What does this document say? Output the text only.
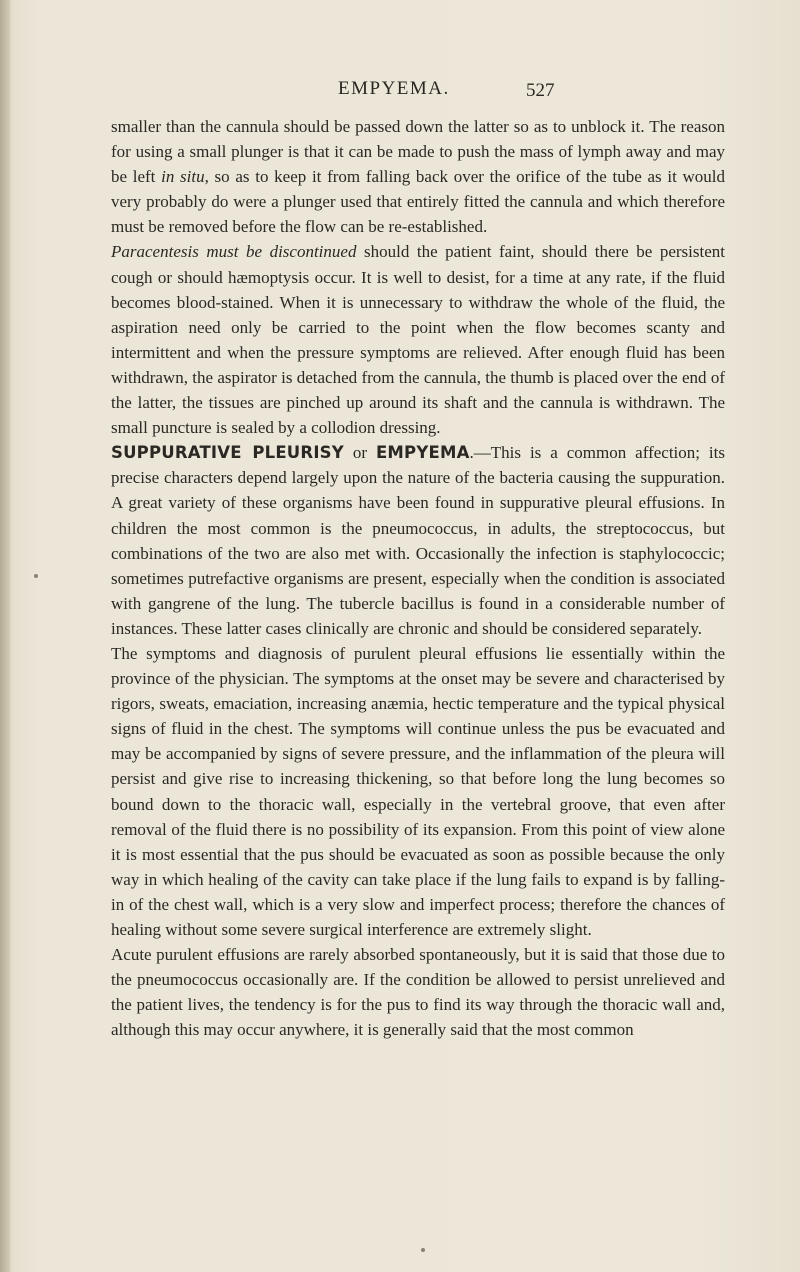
EMPYEMA.	527

smaller than the cannula should be passed down the latter so as to unblock it. The reason for using a small plunger is that it can be made to push the mass of lymph away and may be left in situ, so as to keep it from falling back over the orifice of the tube as it would very probably do were a plunger used that entirely fitted the cannula and which therefore must be removed before the flow can be re-established.

Paracentesis must be discontinued should the patient faint, should there be persistent cough or should hæmoptysis occur. It is well to desist, for a time at any rate, if the fluid becomes blood-stained. When it is unnecessary to withdraw the whole of the fluid, the aspiration need only be carried to the point when the flow becomes scanty and intermittent and when the pressure symptoms are relieved. After enough fluid has been withdrawn, the aspirator is detached from the cannula, the thumb is placed over the end of the latter, the tissues are pinched up around its shaft and the cannula is withdrawn. The small puncture is sealed by a collodion dressing.

SUPPURATIVE PLEURISY or EMPYEMA.—This is a common affection; its precise characters depend largely upon the nature of the bacteria causing the suppuration. A great variety of these organisms have been found in suppurative pleural effusions. In children the most common is the pneumococcus, in adults, the streptococcus, but combinations of the two are also met with. Occasionally the infection is staphylococcic; sometimes putrefactive organisms are present, especially when the condition is associated with gangrene of the lung. The tubercle bacillus is found in a considerable number of instances. These latter cases clinically are chronic and should be considered separately.

The symptoms and diagnosis of purulent pleural effusions lie essentially within the province of the physician. The symptoms at the onset may be severe and characterised by rigors, sweats, emaciation, increasing anæmia, hectic temperature and the typical physical signs of fluid in the chest. The symptoms will continue unless the pus be evacuated and may be accompanied by signs of severe pressure, and the inflammation of the pleura will persist and give rise to increasing thickening, so that before long the lung becomes so bound down to the thoracic wall, especially in the vertebral groove, that even after removal of the fluid there is no possibility of its expansion. From this point of view alone it is most essential that the pus should be evacuated as soon as possible because the only way in which healing of the cavity can take place if the lung fails to expand is by falling-in of the chest wall, which is a very slow and imperfect process; therefore the chances of healing without some severe surgical interference are extremely slight.

Acute purulent effusions are rarely absorbed spontaneously, but it is said that those due to the pneumococcus occasionally are. If the condition be allowed to persist unrelieved and the patient lives, the tendency is for the pus to find its way through the thoracic wall and, although this may occur anywhere, it is generally said that the most common
